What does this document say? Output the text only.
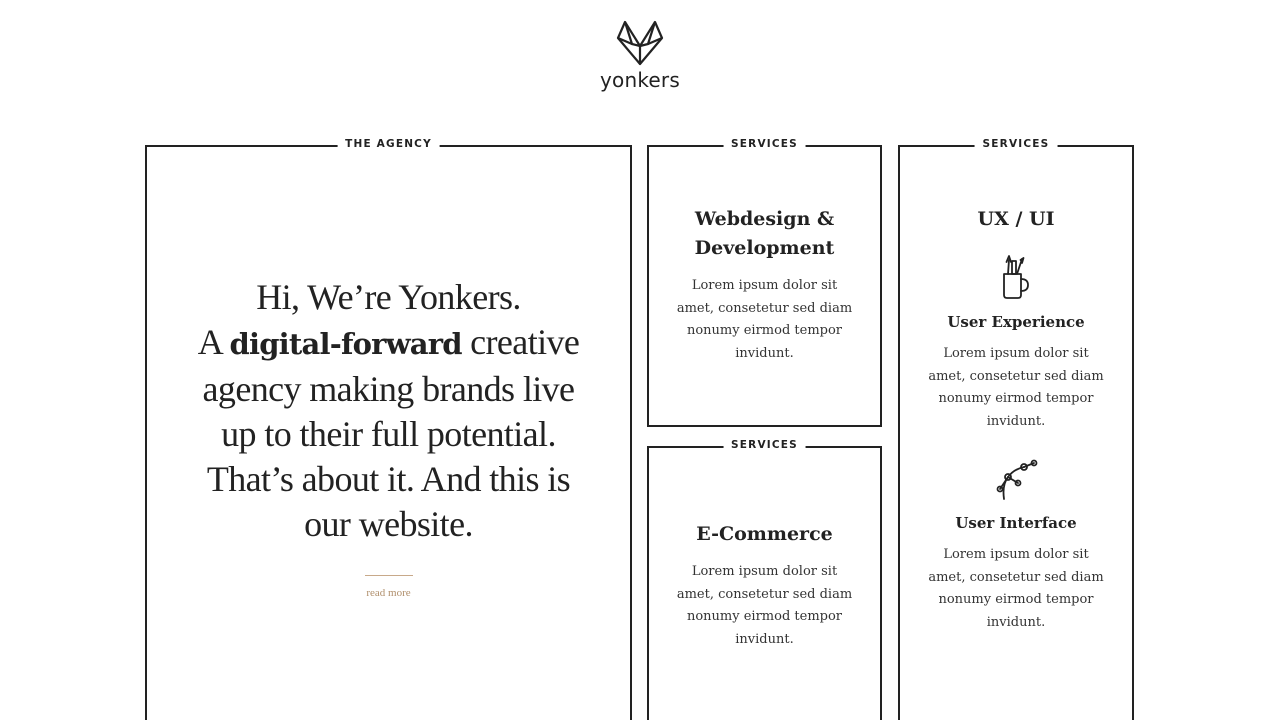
yonkers
THE AGENCY
Hi, We’re Yonkers.
A digital-forward creative
agency making brands live
up to their full potential.
That’s about it. And this is
our website.
read more
SERVICES
Webdesign &
Development
Lorem ipsum dolor sit
amet, consetetur sed diam
nonumy eirmod tempor
invidunt.
SERVICES
E-Commerce
Lorem ipsum dolor sit
amet, consetetur sed diam
nonumy eirmod tempor
invidunt.
SERVICES
UX / UI
User Experience
Lorem ipsum dolor sit
amet, consetetur sed diam
nonumy eirmod tempor
invidunt.
User Interface
Lorem ipsum dolor sit
amet, consetetur sed diam
nonumy eirmod tempor
invidunt.
